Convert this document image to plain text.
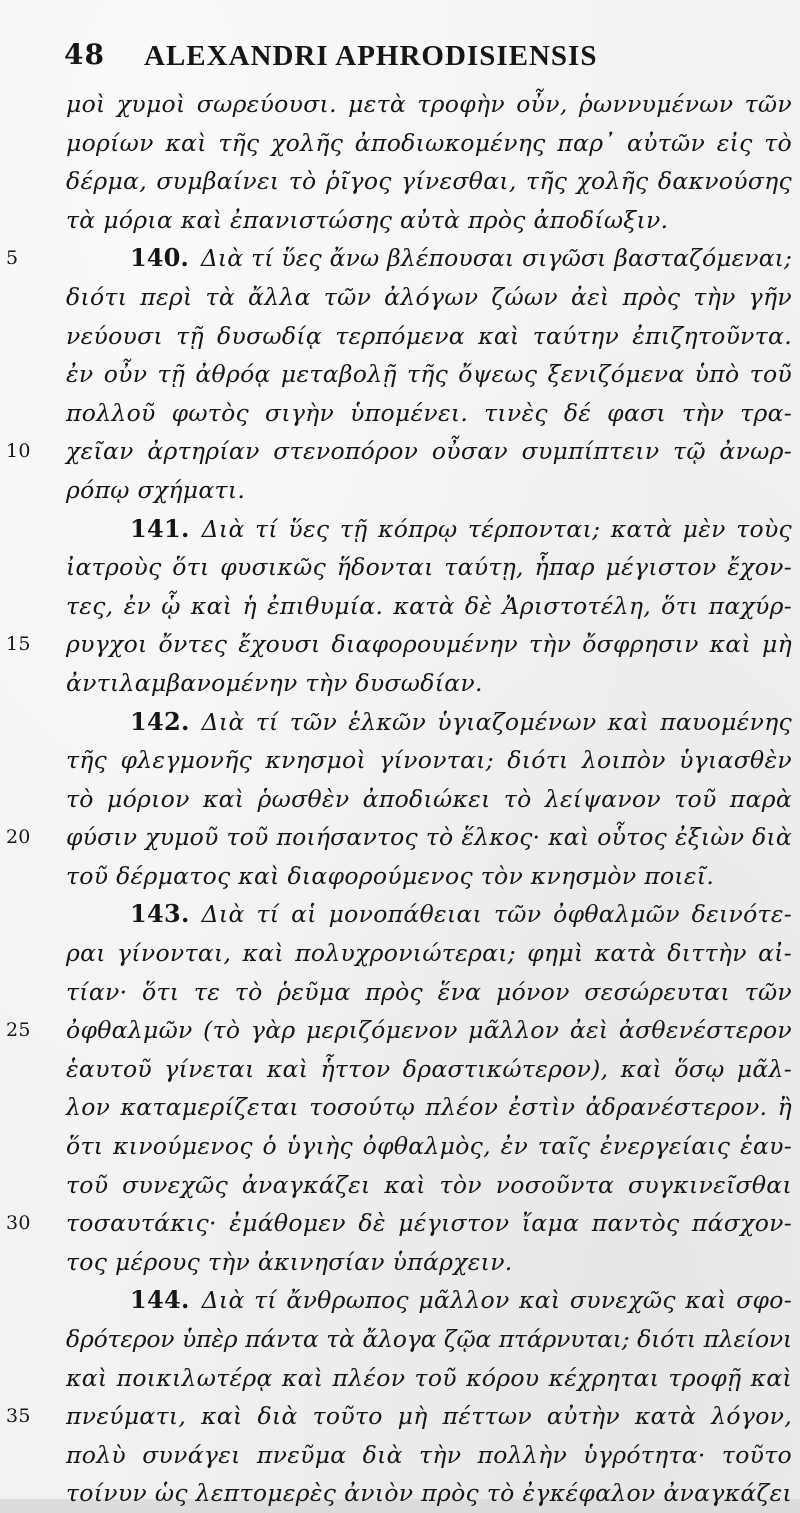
48 ALEXANDRI APHRODISIENSIS
μοὶ χυμοὶ σωρεύουσι. μετὰ τροφὴν οὖν, ῥωννυμένων τῶν
μορίων καὶ τῆς χολῆς ἀποδιωκομένης παρ᾽ αὐτῶν εἰς τὸ
δέρμα, συμβαίνει τὸ ῥῖγος γίνεσθαι, τῆς χολῆς δακνούσης
τὰ μόρια καὶ ἐπανιστώσης αὐτὰ πρὸς ἀποδίωξιν.
5	140. Διὰ τί ὕες ἄνω βλέπουσαι σιγῶσι βασταζόμεναι;
διότι περὶ τὰ ἄλλα τῶν ἀλόγων ζώων ἀεὶ πρὸς τὴν γῆν
νεύουσι τῇ δυσωδίᾳ τερπόμενα καὶ ταύτην ἐπιζητοῦντα.
ἐν οὖν τῇ ἀθρόᾳ μεταβολῇ τῆς ὄψεως ξενιζόμενα ὑπὸ τοῦ
πολλοῦ φωτὸς σιγὴν ὑπομένει. τινὲς δέ φασι τὴν τρα-
10	χεῖαν ἀρτηρίαν στενοπόρον οὖσαν συμπίπτειν τῷ ἀνωρ-
ρόπῳ σχήματι.
141. Διὰ τί ὕες τῇ κόπρῳ τέρπονται; κατὰ μὲν τοὺς
ἰατροὺς ὅτι φυσικῶς ἥδονται ταύτῃ, ἧπαρ μέγιστον ἔχον-
τες, ἐν ᾧ καὶ ἡ ἐπιθυμία. κατὰ δὲ Ἀριστοτέλη, ὅτι παχύρ-
15	ρυγχοι ὄντες ἔχουσι διαφορουμένην τὴν ὄσφρησιν καὶ μὴ
ἀντιλαμβανομένην τὴν δυσωδίαν.
142. Διὰ τί τῶν ἑλκῶν ὑγιαζομένων καὶ παυομένης
τῆς φλεγμονῆς κνησμοὶ γίνονται; διότι λοιπὸν ὑγιασθὲν
τὸ μόριον καὶ ῥωσθὲν ἀποδιώκει τὸ λείψανον τοῦ παρὰ
20	φύσιν χυμοῦ τοῦ ποιήσαντος τὸ ἕλκος· καὶ οὗτος ἐξιὼν διὰ
τοῦ δέρματος καὶ διαφορούμενος τὸν κνησμὸν ποιεῖ.
143. Διὰ τί αἱ μονοπάθειαι τῶν ὀφθαλμῶν δεινότε-
ραι γίνονται, καὶ πολυχρονιώτεραι; φημὶ κατὰ διττὴν αἰ-
τίαν· ὅτι τε τὸ ῥεῦμα πρὸς ἕνα μόνον σεσώρευται τῶν
25	ὀφθαλμῶν (τὸ γὰρ μεριζόμενον μᾶλλον ἀεὶ ἀσθενέστερον
ἑαυτοῦ γίνεται καὶ ἧττον δραστικώτερον), καὶ ὅσῳ μᾶλ-
λον καταμερίζεται τοσούτῳ πλέον ἐστὶν ἀδρανέστερον. ἢ
ὅτι κινούμενος ὁ ὑγιὴς ὀφθαλμὸς, ἐν ταῖς ἐνεργείαις ἑαυ-
τοῦ συνεχῶς ἀναγκάζει καὶ τὸν νοσοῦντα συγκινεῖσθαι
30	τοσαυτάκις· ἐμάθομεν δὲ μέγιστον ἴαμα παντὸς πάσχον-
τος μέρους τὴν ἀκινησίαν ὑπάρχειν.
144. Διὰ τί ἄνθρωπος μᾶλλον καὶ συνεχῶς καὶ σφο-
δρότερον ὑπὲρ πάντα τὰ ἄλογα ζῷα πτάρνυται; διότι πλείονι
καὶ ποικιλωτέρᾳ καὶ πλέον τοῦ κόρου κέχρηται τροφῇ καὶ
35	πνεύματι, καὶ διὰ τοῦτο μὴ πέττων αὐτὴν κατὰ λόγον,
πολὺ συνάγει πνεῦμα διὰ τὴν πολλὴν ὑγρότητα· τοῦτο
τοίνυν ὡς λεπτομερὲς ἀνιὸν πρὸς τὸ ἐγκέφαλον ἀναγκάζει
